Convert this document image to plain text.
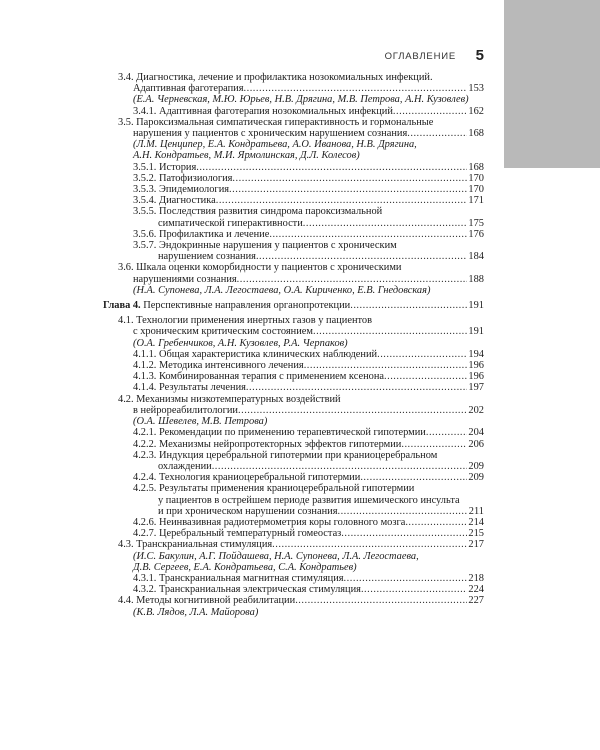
ОГЛАВЛЕНИЕ 5
3.4. Диагностика, лечение и профилактика нозокомиальных инфекций.
Адаптивная фаготерапия .....	153
(Е.А. Черневская, М.Ю. Юрьев, Н.В. Дрягина, М.В. Петрова, А.Н. Кузовлев)
3.4.1. Адаптивная фаготерапия нозокомиальных инфекций .....	162
3.5. Пароксизмальная симпатическая гиперактивность и гормональные
нарушения у пациентов с хроническим нарушением сознания .....	168
(Л.М. Ценципер, Е.А. Кондратьева, А.О. Иванова, Н.В. Дрягина,
А.Н. Кондратьев, М.И. Ярмолинская, Д.Л. Колесов)
3.5.1. История .....	168
3.5.2. Патофизиология .....	170
3.5.3. Эпидемиология .....	170
3.5.4. Диагностика .....	171
3.5.5. Последствия развития синдрома пароксизмальной
симпатической гиперактивности .....	175
3.5.6. Профилактика и лечение .....	176
3.5.7. Эндокринные нарушения у пациентов с хроническим
нарушением сознания .....	184
3.6. Шкала оценки коморбидности у пациентов с хроническими
нарушениями сознания .....	188
(Н.А. Супонева, Л.А. Легостаева, О.А. Кириченко, Е.В. Гнедовская)
Глава 4. Перспективные направления органопротекции .....	191
4.1. Технологии применения инертных газов у пациентов
с хроническим критическим состоянием .....	191
(О.А. Гребенчиков, А.Н. Кузовлев, Р.А. Черпаков)
4.1.1. Общая характеристика клинических наблюдений .....	194
4.1.2. Методика интенсивного лечения .....	196
4.1.3. Комбинированная терапия с применением ксенона .....	196
4.1.4. Результаты лечения .....	197
4.2. Механизмы низкотемпературных воздействий
в нейрореабилитологии .....	202
(О.А. Шевелев, М.В. Петрова)
4.2.1. Рекомендации по применению терапевтической гипотермии .....	204
4.2.2. Механизмы нейропротекторных эффектов гипотермии .....	206
4.2.3. Индукция церебральной гипотермии при краниоцеребральном
охлаждении .....	209
4.2.4. Технология краниоцеребральной гипотермии .....	209
4.2.5. Результаты применения краниоцеребральной гипотермии
у пациентов в острейшем периоде развития ишемического инсульта
и при хроническом нарушении сознания .....	211
4.2.6. Неинвазивная радиотермометрия коры головного мозга .....	214
4.2.7. Церебральный температурный гомеостаз .....	215
4.3. Транскраниальная стимуляция .....	217
(И.С. Бакулин, А.Г. Пойдашева, Н.А. Супонева, Л.А. Легостаева,
Д.В. Сергеев, Е.А. Кондратьева, С.А. Кондратьев)
4.3.1. Транскраниальная магнитная стимуляция .....	218
4.3.2. Транскраниальная электрическая стимуляция .....	224
4.4. Методы когнитивной реабилитации .....	227
(К.В. Лядов, Л.А. Майорова)
